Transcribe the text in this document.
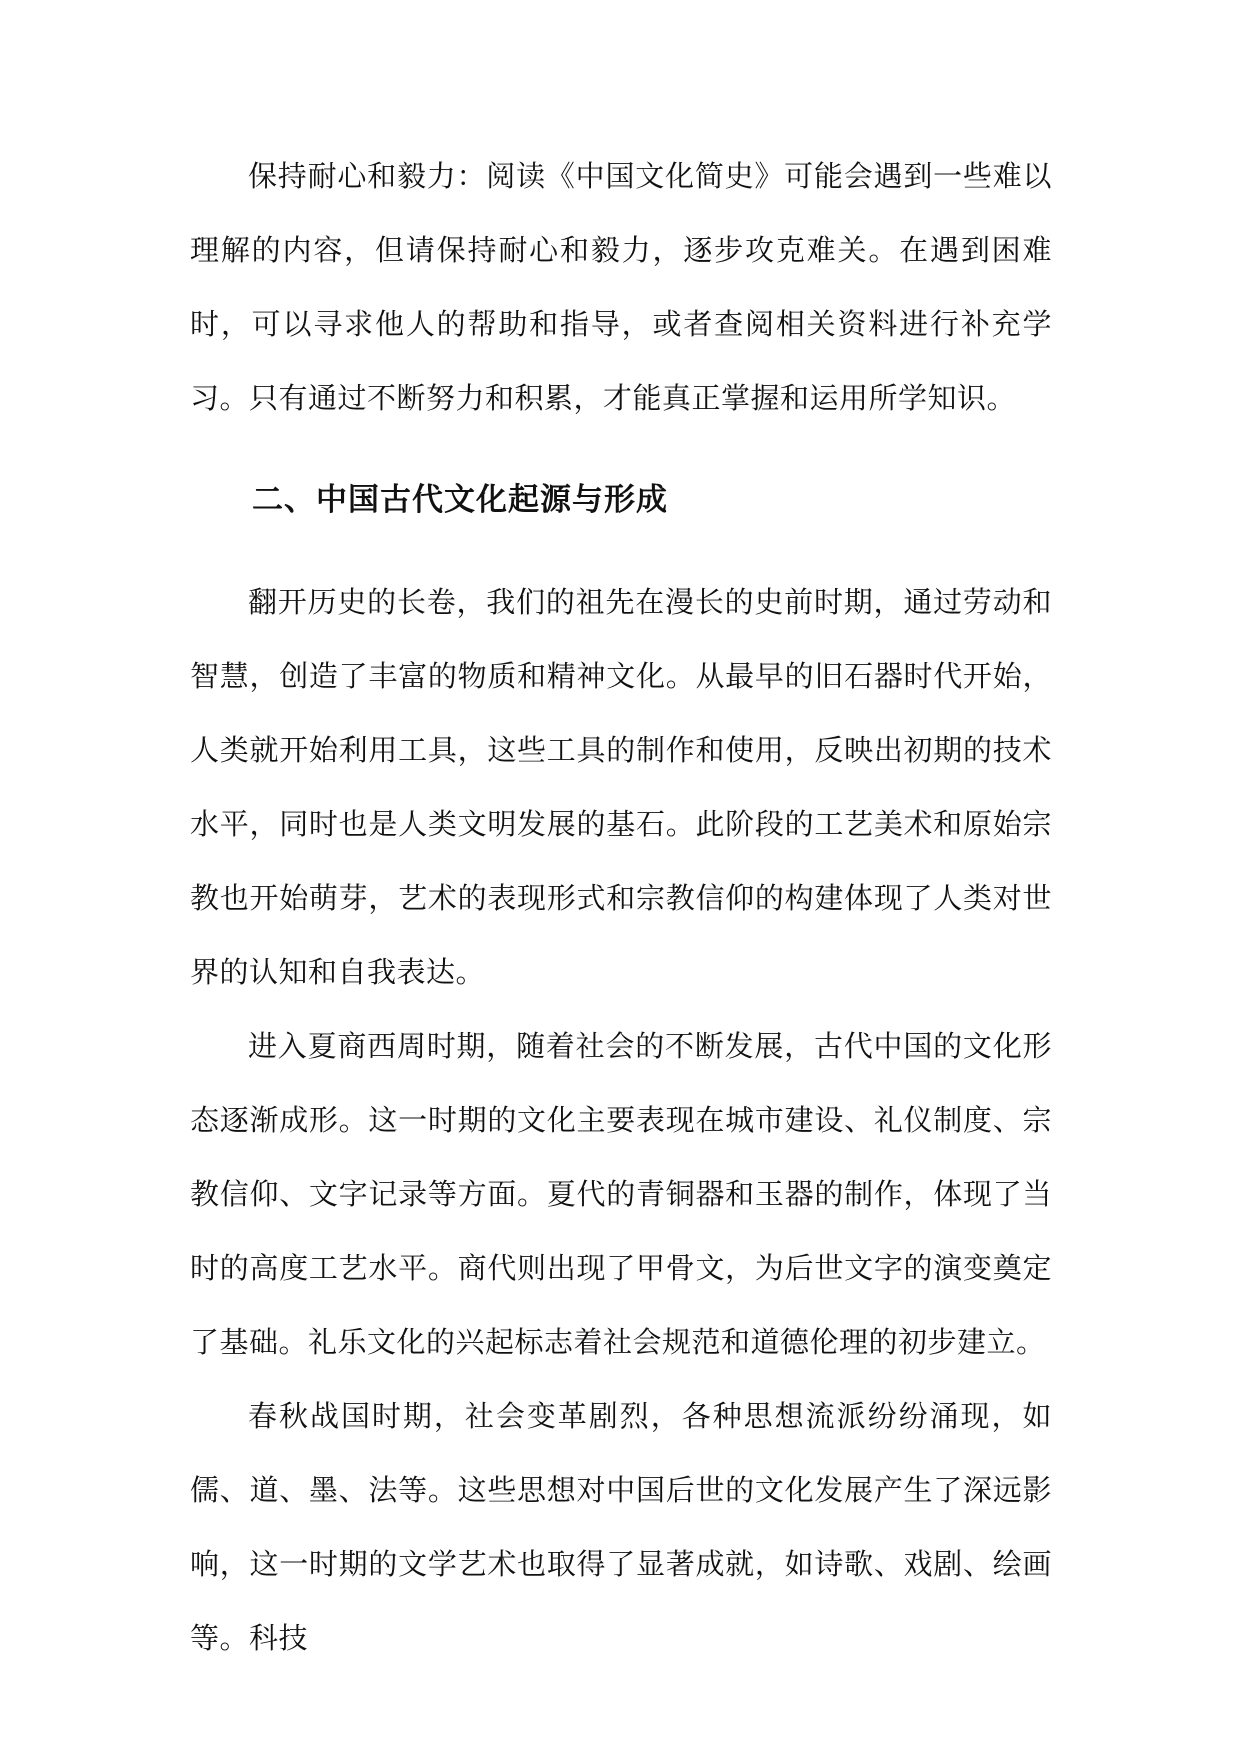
保持耐心和毅力：阅读《中国文化简史》可能会遇到一些难以理解的内容，但请保持耐心和毅力，逐步攻克难关。在遇到困难时，可以寻求他人的帮助和指导，或者查阅相关资料进行补充学习。只有通过不断努力和积累，才能真正掌握和运用所学知识。

二、中国古代文化起源与形成

翻开历史的长卷，我们的祖先在漫长的史前时期，通过劳动和智慧，创造了丰富的物质和精神文化。从最早的旧石器时代开始，人类就开始利用工具，这些工具的制作和使用，反映出初期的技术水平，同时也是人类文明发展的基石。此阶段的工艺美术和原始宗教也开始萌芽，艺术的表现形式和宗教信仰的构建体现了人类对世界的认知和自我表达。

进入夏商西周时期，随着社会的不断发展，古代中国的文化形态逐渐成形。这一时期的文化主要表现在城市建设、礼仪制度、宗教信仰、文字记录等方面。夏代的青铜器和玉器的制作，体现了当时的高度工艺水平。商代则出现了甲骨文，为后世文字的演变奠定了基础。礼乐文化的兴起标志着社会规范和道德伦理的初步建立。

春秋战国时期，社会变革剧烈，各种思想流派纷纷涌现，如儒、道、墨、法等。这些思想对中国后世的文化发展产生了深远影响，这一时期的文学艺术也取得了显著成就，如诗歌、戏剧、绘画等。科技
